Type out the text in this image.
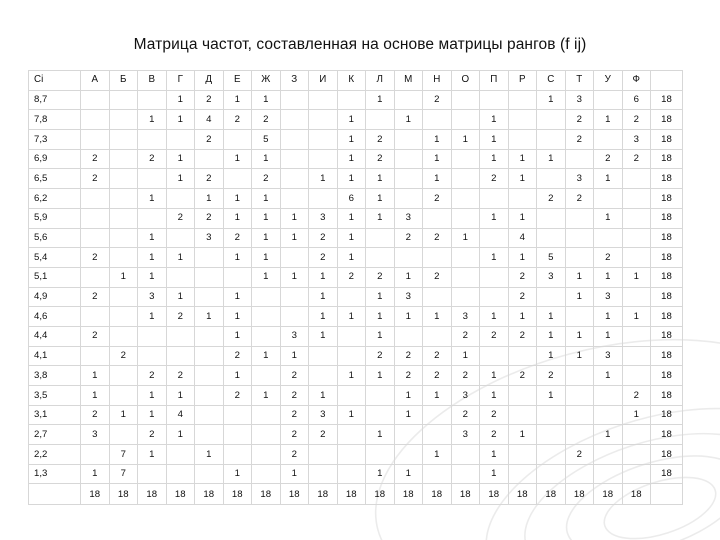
Матрица частот, составленная на основе матрицы рангов (f ij)
Ci	А	Б	В	Г	Д	Е	Ж	З	И	К	Л	М	Н	О	П	Р	С	Т	У	Ф	
8,7				1	2	1	1				1		2				1	3		6	18
7,8			1	1	4	2	2			1		1			1			2	1	2	18
7,3					2		5			1	2		1	1	1			2		3	18
6,9	2		2	1		1	1			1	2		1		1	1	1		2	2	18
6,5	2			1	2		2		1	1	1		1		2	1		3	1		18
6,2			1		1	1	1			6	1		2				2	2			18
5,9				2	2	1	1	1	3	1	1	3			1	1			1		18
5,6			1		3	2	1	1	2	1		2	2	1		4					18
5,4	2		1	1		1	1		2	1					1	1	5		2		18
5,1		1	1				1	1	1	2	2	1	2			2	3	1	1	1	18
4,9	2		3	1		1			1		1	3				2		1	3		18
4,6			1	2	1	1			1	1	1	1	1	3	1	1	1		1	1	18
4,4	2					1		3	1		1			2	2	2	1	1	1		18
4,1		2				2	1	1			2	2	2	1			1	1	3		18
3,8	1		2	2		1		2		1	1	2	2	2	1	2	2		1		18
3,5	1		1	1		2	1	2	1			1	1	3	1		1			2	18
3,1	2	1	1	4				2	3	1		1		2	2					1	18
2,7	3		2	1				2	2		1			3	2	1			1		18
2,2		7	1		1			2					1		1			2			18
1,3	1	7				1		1			1	1			1						18
	18	18	18	18	18	18	18	18	18	18	18	18	18	18	18	18	18	18	18	18	
